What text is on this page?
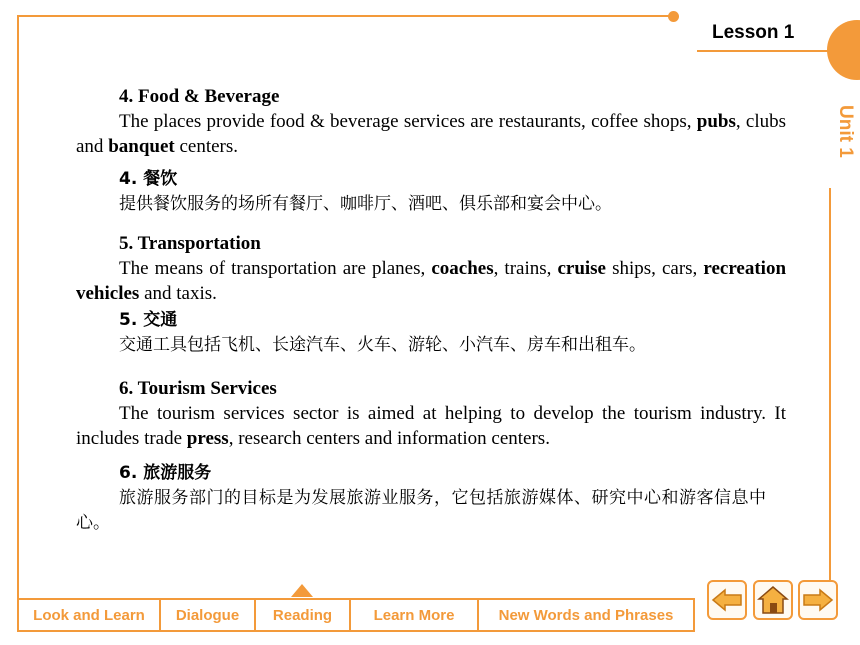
Lesson 1
Unit 1
4. Food & Beverage
The places provide food & beverage services are restaurants, coffee shops, pubs, clubs and banquet centers.
4. 餐饮
提供餐饮服务的场所有餐厅、咖啡厅、酒吧、俱乐部和宴会中心。
5. Transportation
The means of transportation are planes, coaches, trains, cruise ships, cars, recreation vehicles and taxis.
5. 交通
交通工具包括飞机、长途汽车、火车、游轮、小汽车、房车和出租车。
6. Tourism Services
The tourism services sector is aimed at helping to develop the tourism industry. It includes trade press, research centers and information centers.
6. 旅游服务
旅游服务部门的目标是为发展旅游业服务，它包括旅游媒体、研究中心和游客信息中心。
Look and Learn	Dialogue	Reading	Learn More	New Words and Phrases
